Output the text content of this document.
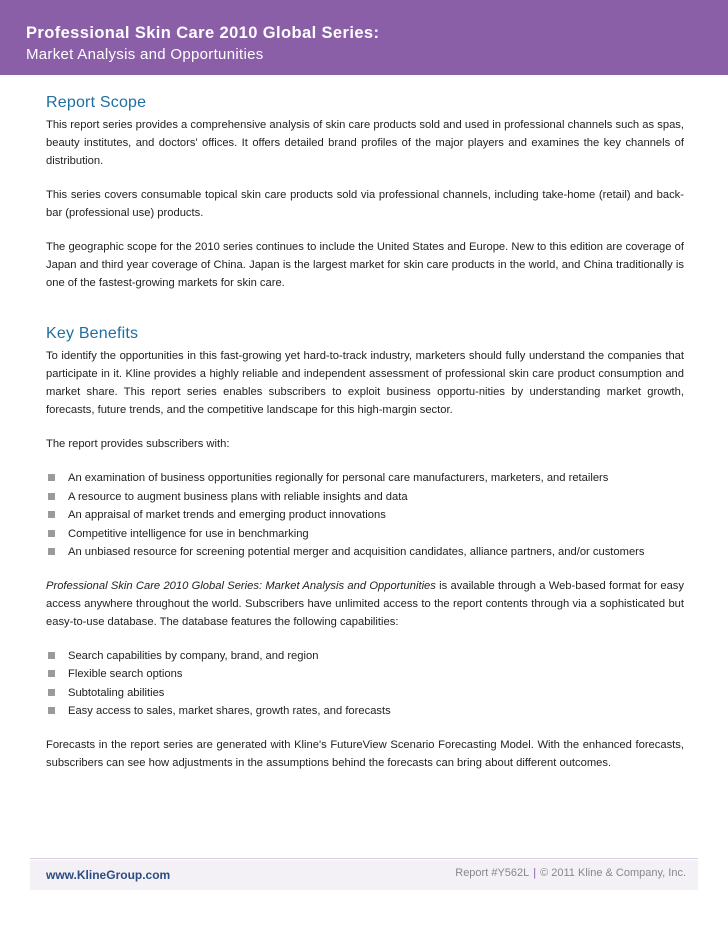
Professional Skin Care 2010 Global Series:
Market Analysis and Opportunities
Report Scope

This report series provides a comprehensive analysis of skin care products sold and used in professional channels such as spas, beauty institutes, and doctors' offices. It offers detailed brand profiles of the major players and examines the key channels of distribution.

This series covers consumable topical skin care products sold via professional channels, including take-home (retail) and back-bar (professional use) products.

The geographic scope for the 2010 series continues to include the United States and Europe. New to this edition are coverage of Japan and third year coverage of China. Japan is the largest market for skin care products in the world, and China traditionally is one of the fastest-growing markets for skin care.

Key Benefits

To identify the opportunities in this fast-growing yet hard-to-track industry, marketers should fully understand the companies that participate in it. Kline provides a highly reliable and independent assessment of professional skin care product consumption and market share. This report series enables subscribers to exploit business opportu-nities by understanding market growth, forecasts, future trends, and the competitive landscape for this high-margin sector.

The report provides subscribers with:

An examination of business opportunities regionally for personal care manufacturers, marketers, and retailers
A resource to augment business plans with reliable insights and data
An appraisal of market trends and emerging product innovations
Competitive intelligence for use in benchmarking
An unbiased resource for screening potential merger and acquisition candidates, alliance partners, and/or customers

Professional Skin Care 2010 Global Series: Market Analysis and Opportunities is available through a Web-based format for easy access anywhere throughout the world. Subscribers have unlimited access to the report contents through via a sophisticated but easy-to-use database. The database features the following capabilities:

Search capabilities by company, brand, and region
Flexible search options
Subtotaling abilities
Easy access to sales, market shares, growth rates, and forecasts

Forecasts in the report series are generated with Kline's FutureView Scenario Forecasting Model. With the enhanced forecasts, subscribers can see how adjustments in the assumptions behind the forecasts can bring about different outcomes.

www.KlineGroup.com	Report #Y562L | © 2011 Kline & Company, Inc.
